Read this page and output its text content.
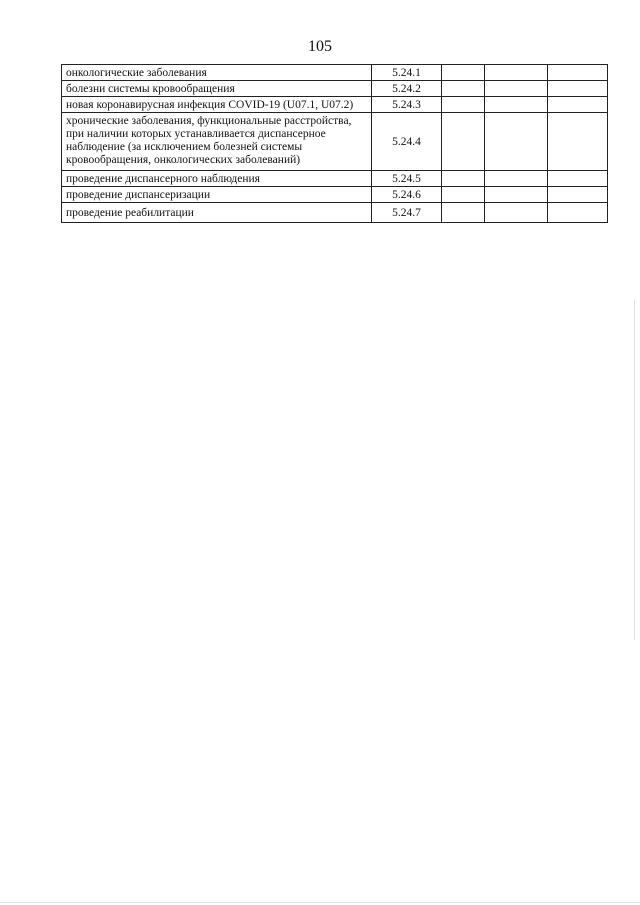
105
онкологические заболевания	5.24.1			
болезни системы кровообращения	5.24.2			
новая коронавирусная инфекция COVID-19 (U07.1, U07.2)	5.24.3			
хронические заболевания, функциональные расстройства, при наличии которых устанавливается диспансерное наблюдение (за исключением болезней системы кровообращения, онкологических заболеваний)	5.24.4			
проведение диспансерного наблюдения	5.24.5			
проведение диспансеризации	5.24.6			
проведение реабилитации	5.24.7			
